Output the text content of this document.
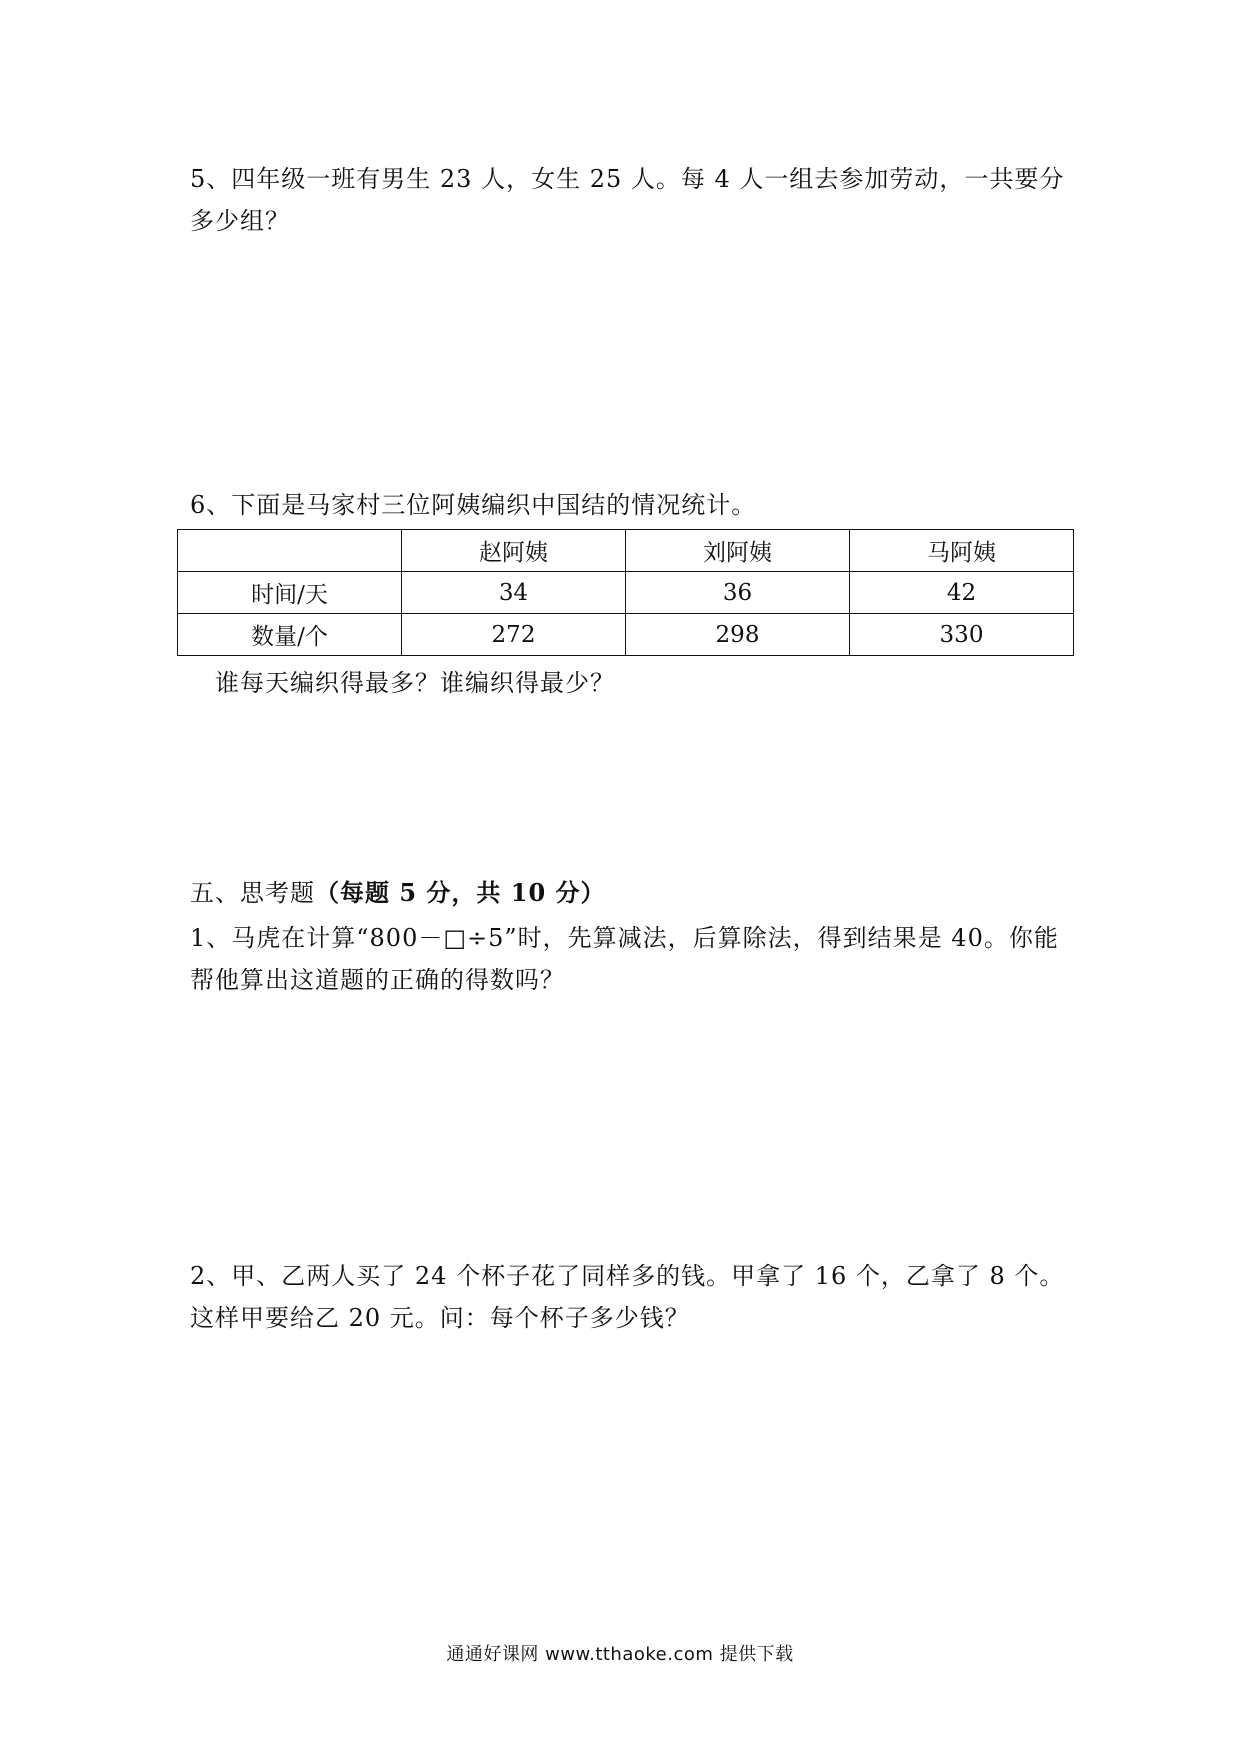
5、四年级一班有男生 23 人，女生 25 人。每 4 人一组去参加劳动，一共要分多少组？

6、下面是马家村三位阿姨编织中国结的情况统计。

	赵阿姨	刘阿姨	马阿姨
时间/天	34	36	42
数量/个	272	298	330

谁每天编织得最多？谁编织得最少？

五、思考题（每题 5 分，共 10 分）

1、马虎在计算“800－□÷5”时，先算减法，后算除法，得到结果是 40。你能帮他算出这道题的正确的得数吗？

2、甲、乙两人买了 24 个杯子花了同样多的钱。甲拿了 16 个，乙拿了 8 个。这样甲要给乙 20 元。问：每个杯子多少钱？

通通好课网 www.tthaoke.com 提供下载
